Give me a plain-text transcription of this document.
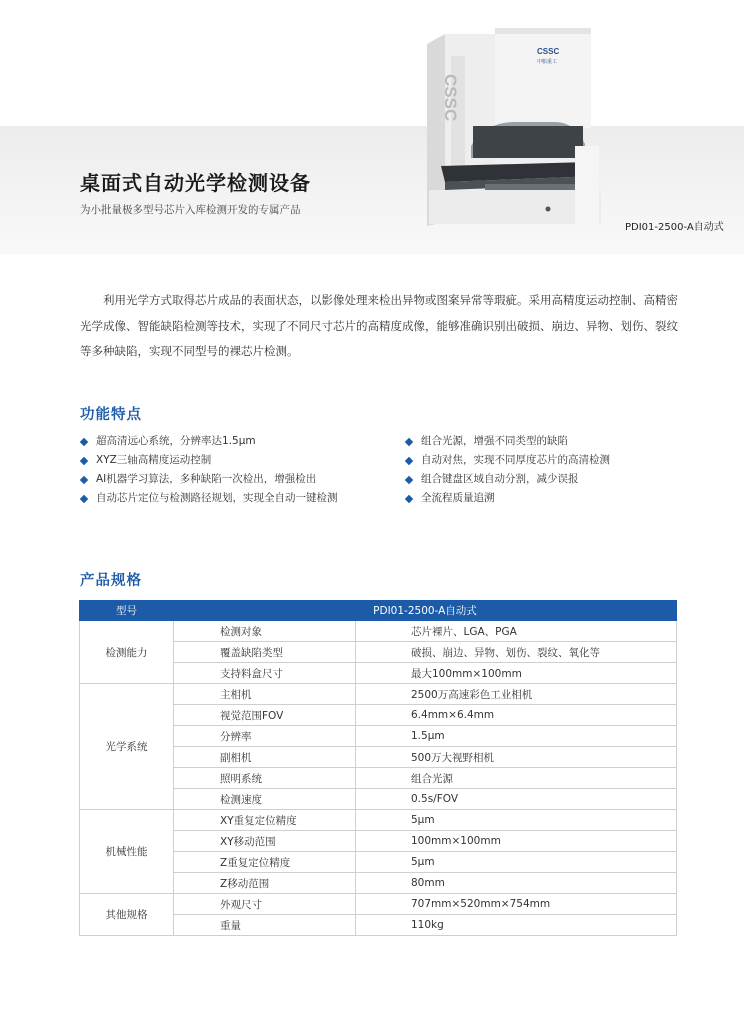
CSSC
CSSC
中船重工
桌面式自动光学检测设备

为小批量极多型号芯片入库检测开发的专属产品

PDI01-2500-A自动式

利用光学方式取得芯片成品的表面状态，以影像处理来检出异物或图案异常等瑕疵。采用高精度运动控制、高精密光学成像、智能缺陷检测等技术，实现了不同尺寸芯片的高精度成像，能够准确识别出破损、崩边、异物、划伤、裂纹等多种缺陷，实现不同型号的裸芯片检测。

功能特点
超高清远心系统，分辨率达1.5μm
XYZ三轴高精度运动控制
AI机器学习算法，多种缺陷一次检出，增强检出
自动芯片定位与检测路径规划，实现全自动一键检测
组合光源，增强不同类型的缺陷
自动对焦，实现不同厚度芯片的高清检测
组合键盘区域自动分割，减少误报
全流程质量追溯
产品规格
型号	PDI01-2500-A自动式	
检测能力	检测对象	芯片裸片、LGA、PGA
	覆盖缺陷类型	破损、崩边、异物、划伤、裂纹、氧化等
	支持料盒尺寸	最大100mm×100mm
光学系统	主相机	2500万高速彩色工业相机
	视觉范围FOV	6.4mm×6.4mm
	分辨率	1.5μm
	副相机	500万大视野相机
	照明系统	组合光源
	检测速度	0.5s/FOV
机械性能	XY重复定位精度	5μm
	XY移动范围	100mm×100mm
	Z重复定位精度	5μm
	Z移动范围	80mm
其他规格	外观尺寸	707mm×520mm×754mm
	重量	110kg
